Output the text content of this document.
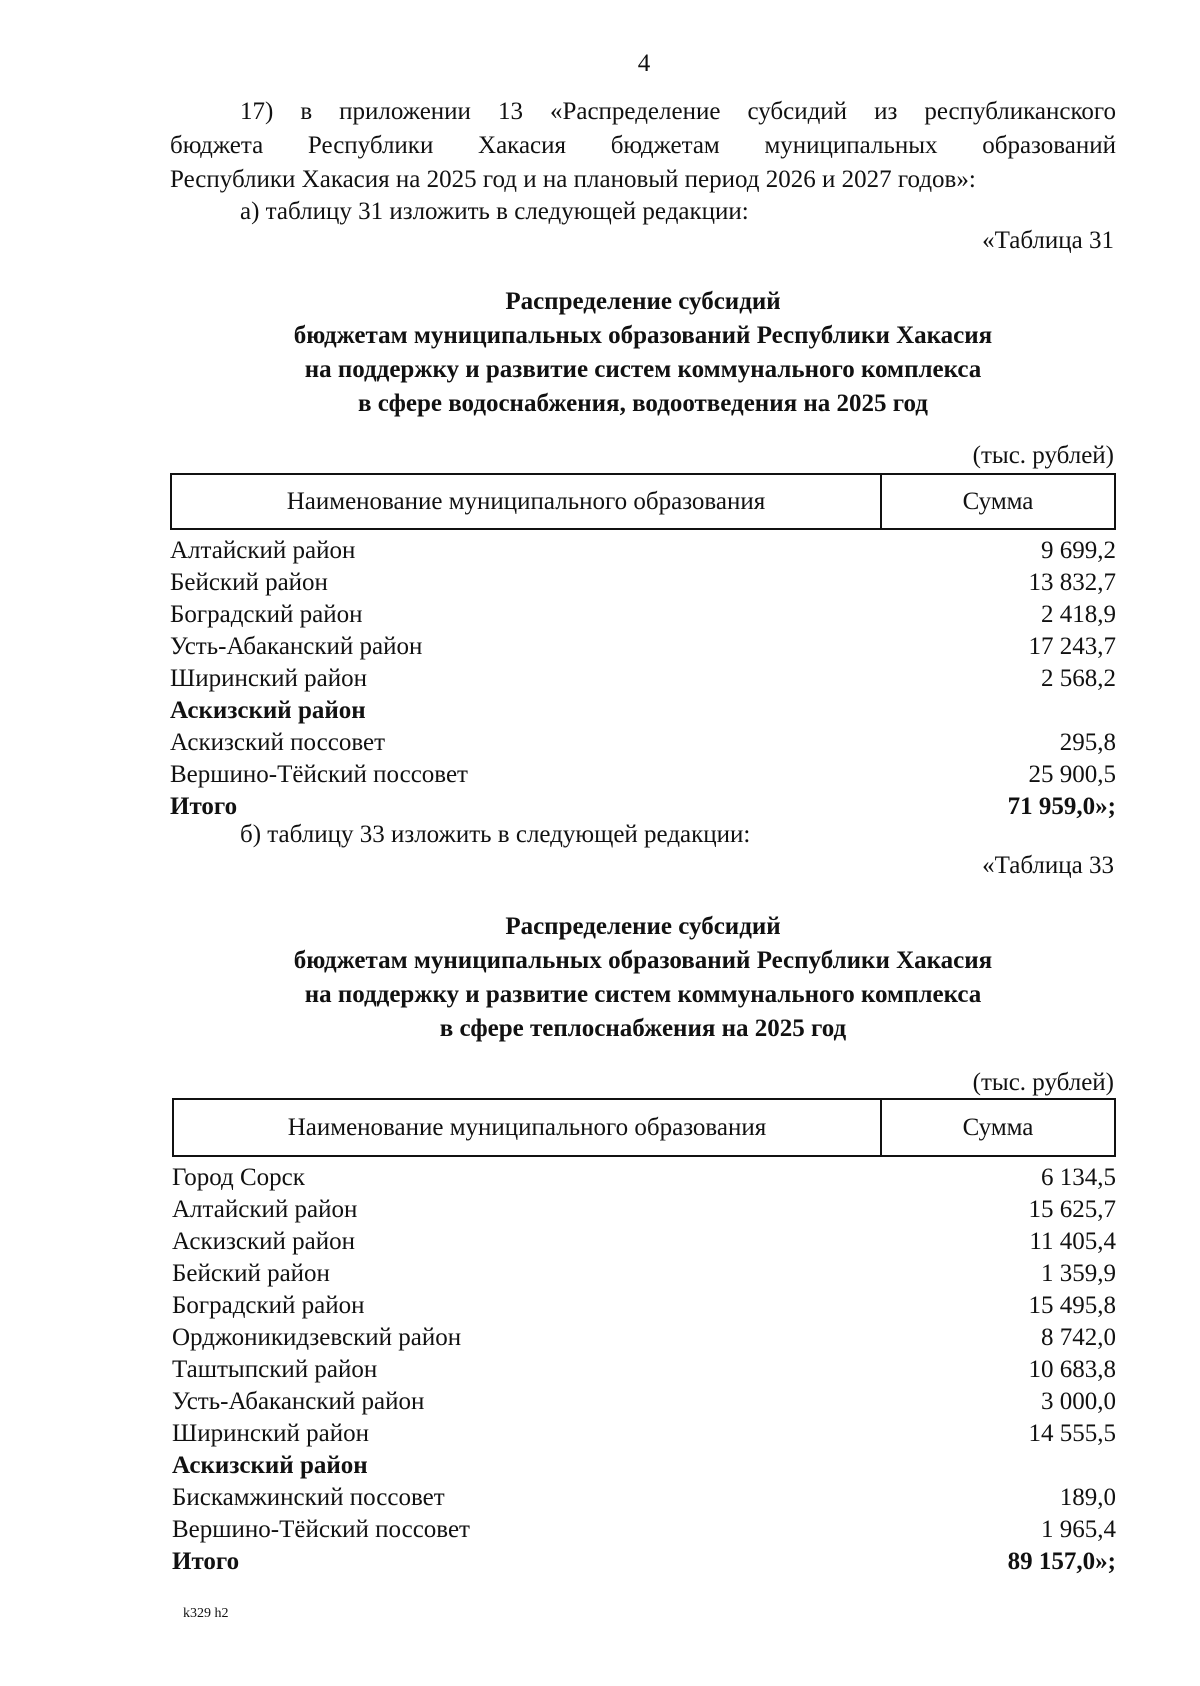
4
17) в приложении 13 «Распределение субсидий из республиканского
бюджета Республики Хакасия бюджетам муниципальных образований
Республики Хакасия на 2025 год и на плановый период 2026 и 2027 годов»:
а) таблицу 31 изложить в следующей редакции:
«Таблица 31
Распределение субсидий
бюджетам муниципальных образований Республики Хакасия
на поддержку и развитие систем коммунального комплекса
в сфере водоснабжения, водоотведения на 2025 год
(тыс. рублей)
Наименование муниципального образования	Сумма
Алтайский район	9 699,2
Бейский район	13 832,7
Боградский район	2 418,9
Усть-Абаканский район	17 243,7
Ширинский район	2 568,2
Аскизский район
Аскизский поссовет	295,8
Вершино-Тёйский поссовет	25 900,5
Итого	71 959,0»;
б) таблицу 33 изложить в следующей редакции:
«Таблица 33
Распределение субсидий
бюджетам муниципальных образований Республики Хакасия
на поддержку и развитие систем коммунального комплекса
в сфере теплоснабжения на 2025 год
(тыс. рублей)
Наименование муниципального образования	Сумма
Город Сорск	6 134,5
Алтайский район	15 625,7
Аскизский район	11 405,4
Бейский район	1 359,9
Боградский район	15 495,8
Орджоникидзевский район	8 742,0
Таштыпский район	10 683,8
Усть-Абаканский район	3 000,0
Ширинский район	14 555,5
Аскизский район
Бискамжинский поссовет	189,0
Вершино-Тёйский поссовет	1 965,4
Итого	89 157,0»;
k329 h2
